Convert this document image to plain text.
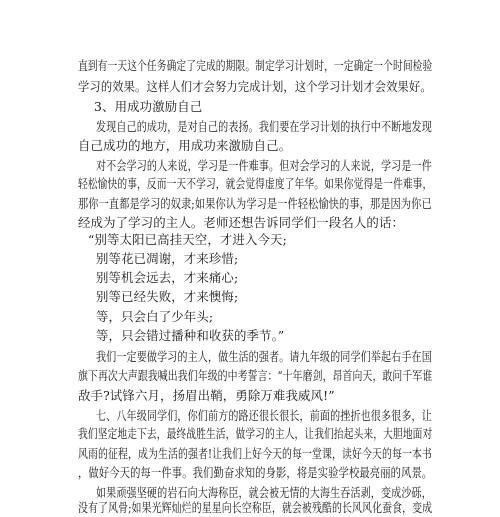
直到有一天这个任务确定了完成的期限。制定学习计划时，一定确定一个时间检验

学习的效果。这样人们才会努力完成计划，这个学习计划才会效果好。

3、用成功激励自己

发现自己的成功，是对自己的表扬。我们要在学习计划的执行中不断地发现

自己成功的地方，用成功来激励自己。

对不会学习的人来说，学习是一件难事。但对会学习的人来说，学习是一件

轻松愉快的事，反而一天不学习，就会觉得虚度了年华。如果你觉得是一件难事，

那你一直都是学习的奴隶;如果你认为学习是一件轻松愉快的事，那是因为你已

经成为了学习的主人。老师还想告诉同学们一段名人的话：

“别等太阳已高挂天空，才进入今天;

别等花已凋谢，才来珍惜;

别等机会远去，才来痛心;

别等已经失败，才来懊悔;

等，只会白了少年头;

等，只会错过播种和收获的季节。”

我们一定要做学习的主人，做生活的强者。请九年级的同学们举起右手在国

旗下再次大声跟我喊出我们年级的中考誓言：“十年磨剑，昂首向天，敢问千军谁

敌手?试锋六月，扬眉出鞘，勇除万难我威风!”

七、八年级同学们，你们前方的路还很长很长，前面的挫折也很多很多，让

我们坚定地走下去，最终战胜生活，做学习的主人，让我们抬起头来，大胆地面对

风雨的征程，成为生活的强者!让我们上好今天的每一堂课，读好今天的每一本书

，做好今天的每一件事。我们勤奋求知的身影，将是实验学校最亮丽的风景。

如果顽强坚硬的岩石向大海称臣，就会被无情的大海生吞活剥，变成沙砾，

没有了风骨;如果光辉灿烂的星星向长空称臣，就会被残酷的长风风化蚕食，变成
